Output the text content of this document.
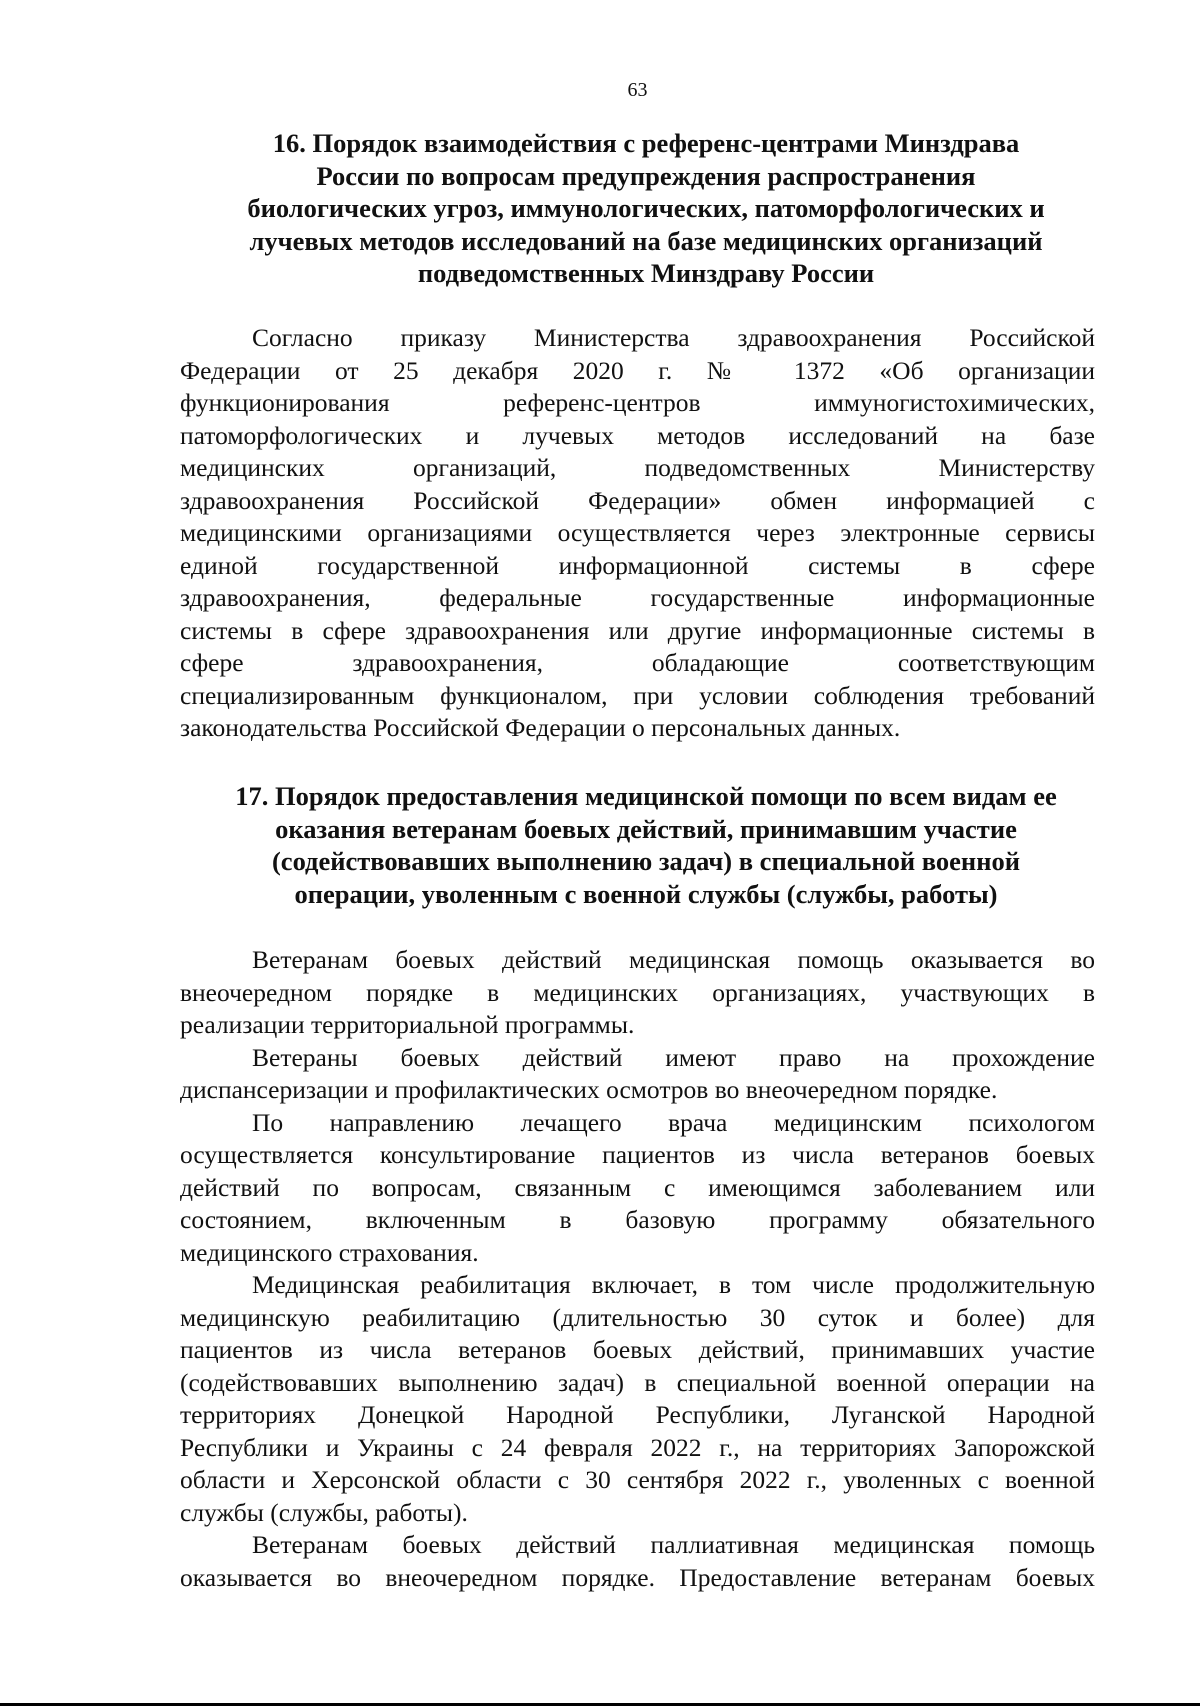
63
16. Порядок взаимодействия с референс-центрами Минздрава
России по вопросам предупреждения распространения
биологических угроз, иммунологических, патоморфологических и
лучевых методов исследований на базе медицинских организаций
подведомственных Минздраву России

Согласно приказу Министерства здравоохранения Российской
Федерации от 25 декабря 2020 г. № 1372 «Об организации
функционирования референс-центров иммуногистохимических,
патоморфологических и лучевых методов исследований на базе
медицинских организаций, подведомственных Министерству
здравоохранения Российской Федерации» обмен информацией с
медицинскими организациями осуществляется через электронные сервисы
единой государственной информационной системы в сфере
здравоохранения, федеральные государственные информационные
системы в сфере здравоохранения или другие информационные системы в
сфере здравоохранения, обладающие соответствующим
специализированным функционалом, при условии соблюдения требований
законодательства Российской Федерации о персональных данных.

17. Порядок предоставления медицинской помощи по всем видам ее
оказания ветеранам боевых действий, принимавшим участие
(содействовавших выполнению задач) в специальной военной
операции, уволенным с военной службы (службы, работы)

Ветеранам боевых действий медицинская помощь оказывается во
внеочередном порядке в медицинских организациях, участвующих в
реализации территориальной программы.

Ветераны боевых действий имеют право на прохождение
диспансеризации и профилактических осмотров во внеочередном порядке.

По направлению лечащего врача медицинским психологом
осуществляется консультирование пациентов из числа ветеранов боевых
действий по вопросам, связанным с имеющимся заболеванием или
состоянием, включенным в базовую программу обязательного
медицинского страхования.

Медицинская реабилитация включает, в том числе продолжительную
медицинскую реабилитацию (длительностью 30 суток и более) для
пациентов из числа ветеранов боевых действий, принимавших участие
(содействовавших выполнению задач) в специальной военной операции на
территориях Донецкой Народной Республики, Луганской Народной
Республики и Украины с 24 февраля 2022 г., на территориях Запорожской
области и Херсонской области с 30 сентября 2022 г., уволенных с военной
службы (службы, работы).

Ветеранам боевых действий паллиативная медицинская помощь
оказывается во внеочередном порядке. Предоставление ветеранам боевых
